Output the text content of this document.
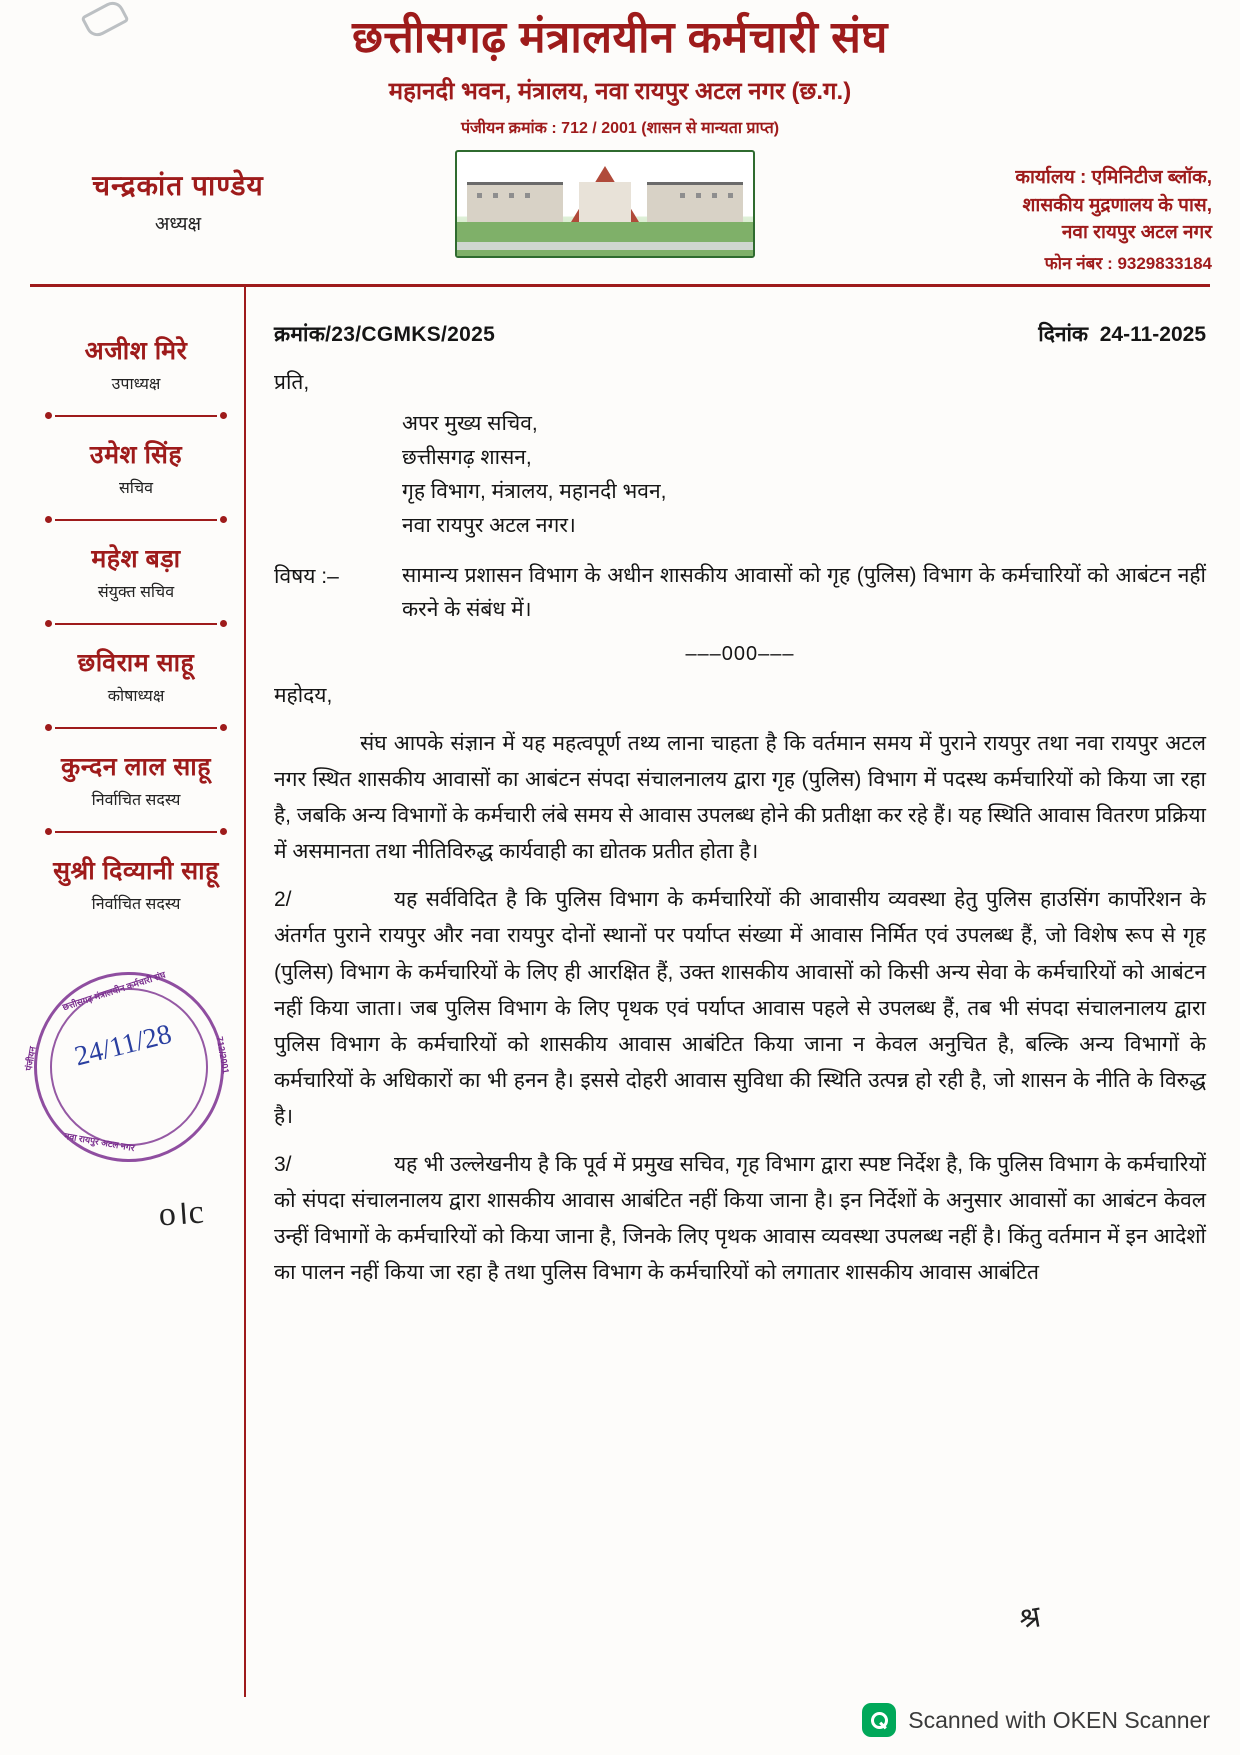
छत्तीसगढ़ मंत्रालयीन कर्मचारी संघ
महानदी भवन, मंत्रालय, नवा रायपुर अटल नगर (छ.ग.)
पंजीयन क्रमांक : 712 / 2001 (शासन से मान्यता प्राप्त)
चन्द्रकांत पाण्डेय
अध्यक्ष
कार्यालय : एमिनिटीज ब्लॉक,
शासकीय मुद्रणालय के पास,
नवा रायपुर अटल नगर
फोन नंबर : 9329833184
अजीश मिरे
उपाध्यक्ष
उमेश सिंह
सचिव
महेश बड़ा
संयुक्त सचिव
छविराम साहू
कोषाध्यक्ष
कुन्दन लाल साहू
निर्वाचित सदस्य
सुश्री दिव्यानी साहू
निर्वाचित सदस्य
छत्तीसगढ़ मंत्रालयीन कर्मचारी संघ
नवा रायपुर अटल नगर
पंजीयन	712/2001
24/11/28
o।c
क्रमांक/23/CGMKS/2025	दिनांक 24-11-2025
प्रति,
अपर मुख्य सचिव,
छत्तीसगढ़ शासन,
गृह विभाग, मंत्रालय, महानदी भवन,
नवा रायपुर अटल नगर।
विषय :–	सामान्य प्रशासन विभाग के अधीन शासकीय आवासों को गृह (पुलिस) विभाग के कर्मचारियों को आबंटन नहीं करने के संबंध में।
–––000–––
महोदय,
संघ आपके संज्ञान में यह महत्वपूर्ण तथ्य लाना चाहता है कि वर्तमान समय में पुराने रायपुर तथा नवा रायपुर अटल नगर स्थित शासकीय आवासों का आबंटन संपदा संचालनालय द्वारा गृह (पुलिस) विभाग में पदस्थ कर्मचारियों को किया जा रहा है, जबकि अन्य विभागों के कर्मचारी लंबे समय से आवास उपलब्ध होने की प्रतीक्षा कर रहे हैं। यह स्थिति आवास वितरण प्रक्रिया में असमानता तथा नीतिविरुद्ध कार्यवाही का द्योतक प्रतीत होता है।
2/	यह सर्वविदित है कि पुलिस विभाग के कर्मचारियों की आवासीय व्यवस्था हेतु पुलिस हाउसिंग कार्पोरेशन के अंतर्गत पुराने रायपुर और नवा रायपुर दोनों स्थानों पर पर्याप्त संख्या में आवास निर्मित एवं उपलब्ध हैं, जो विशेष रूप से गृह (पुलिस) विभाग के कर्मचारियों के लिए ही आरक्षित हैं, उक्त शासकीय आवासों को किसी अन्य सेवा के कर्मचारियों को आबंटन नहीं किया जाता। जब पुलिस विभाग के लिए पृथक एवं पर्याप्त आवास पहले से उपलब्ध हैं, तब भी संपदा संचालनालय द्वारा पुलिस विभाग के कर्मचारियों को शासकीय आवास आबंटित किया जाना न केवल अनुचित है, बल्कि अन्य विभागों के कर्मचारियों के अधिकारों का भी हनन है। इससे दोहरी आवास सुविधा की स्थिति उत्पन्न हो रही है, जो शासन के नीति के विरुद्ध है।
3/	यह भी उल्लेखनीय है कि पूर्व में प्रमुख सचिव, गृह विभाग द्वारा स्पष्ट निर्देश है, कि पुलिस विभाग के कर्मचारियों को संपदा संचालनालय द्वारा शासकीय आवास आबंटित नहीं किया जाना है। इन निर्देशों के अनुसार आवासों का आबंटन केवल उन्हीं विभागों के कर्मचारियों को किया जाना है, जिनके लिए पृथक आवास व्यवस्था उपलब्ध नहीं है। किंतु वर्तमान में इन आदेशों का पालन नहीं किया जा रहा है तथा पुलिस विभाग के कर्मचारियों को लगातार शासकीय आवास आबंटित
श्र
Scanned with OKEN Scanner
